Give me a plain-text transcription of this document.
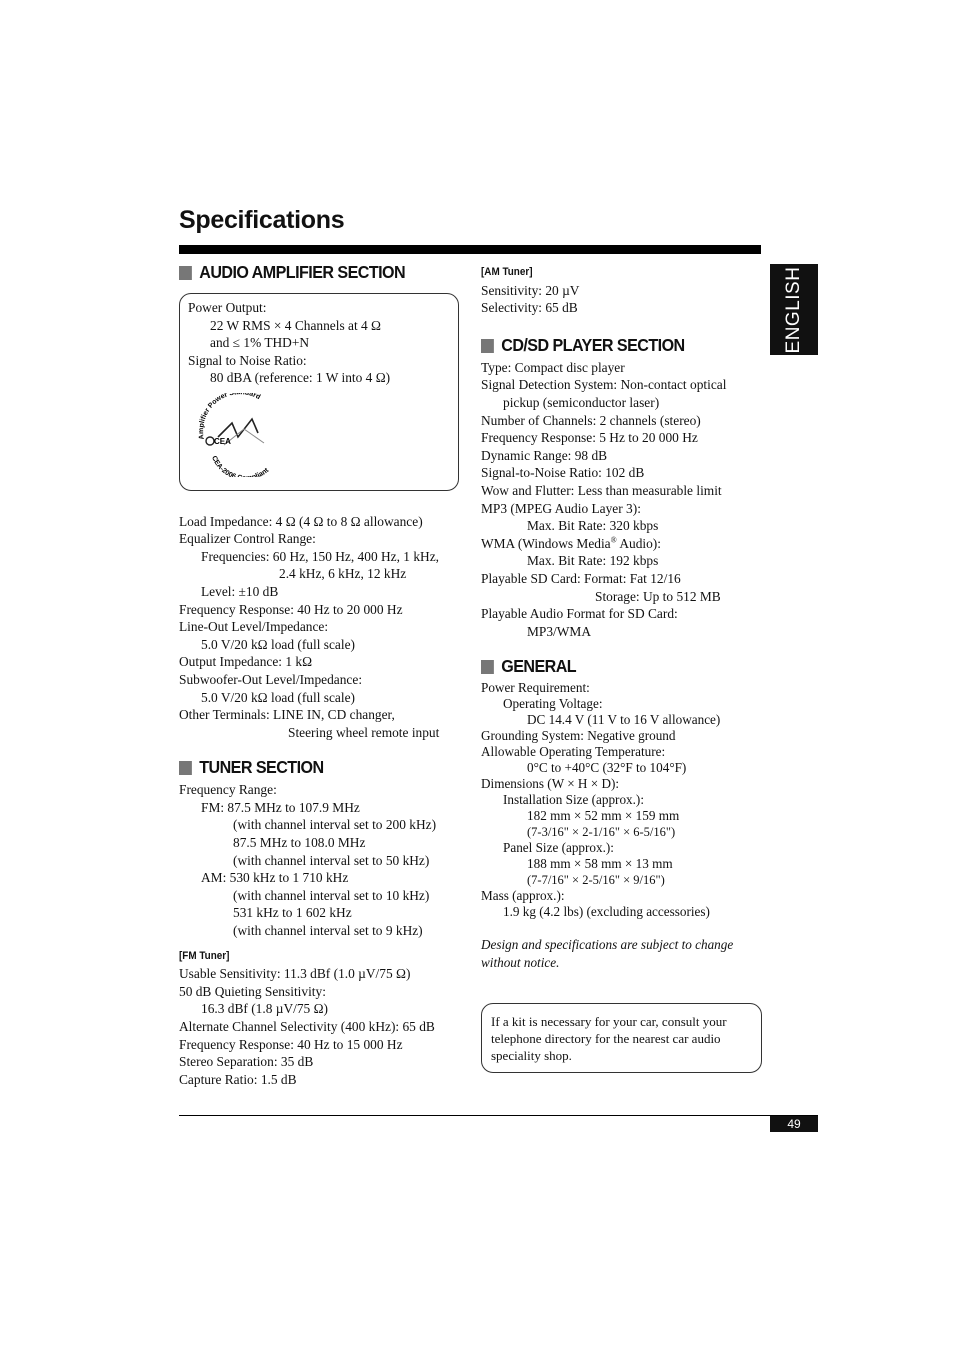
Specifications
ENGLISH
AUDIO AMPLIFIER SECTION
Power Output:
22 W RMS × 4 Channels at 4 Ω
and ≤ 1% THD+N
Signal to Noise Ratio:
80 dBA (reference: 1 W into 4 Ω)
Amplifier Power S dard
CEA-2006 liant
CEA
Load Impedance: 4 Ω (4 Ω to 8 Ω allowance)
Equalizer Control Range:
Frequencies: 60 Hz, 150 Hz, 400 Hz, 1 kHz,
2.4 kHz, 6 kHz, 12 kHz
Level: ±10 dB
Frequency Response: 40 Hz to 20 000 Hz
Line-Out Level/Impedance:
5.0 V/20 kΩ load (full scale)
Output Impedance: 1 kΩ
Subwoofer-Out Level/Impedance:
5.0 V/20 kΩ load (full scale)
Other Terminals: LINE IN, CD changer,
Steering wheel remote input
TUNER SECTION
Frequency Range:
FM: 87.5 MHz to 107.9 MHz
(with channel interval set to 200 kHz)
87.5 MHz to 108.0 MHz
(with channel interval set to 50 kHz)
AM: 530 kHz to 1 710 kHz
(with channel interval set to 10 kHz)
531 kHz to 1 602 kHz
(with channel interval set to 9 kHz)
[FM Tuner]
Usable Sensitivity: 11.3 dBf (1.0 µV/75 Ω)
50 dB Quieting Sensitivity:
16.3 dBf (1.8 µV/75 Ω)
Alternate Channel Selectivity (400 kHz): 65 dB
Frequency Response: 40 Hz to 15 000 Hz
Stereo Separation: 35 dB
Capture Ratio: 1.5 dB
[AM Tuner]
Sensitivity: 20 µV
Selectivity: 65 dB
CD/SD PLAYER SECTION
Type: Compact disc player
Signal Detection System: Non-contact optical
pickup (semiconductor laser)
Number of Channels: 2 channels (stereo)
Frequency Response: 5 Hz to 20 000 Hz
Dynamic Range: 98 dB
Signal-to-Noise Ratio: 102 dB
Wow and Flutter: Less than measurable limit
MP3 (MPEG Audio Layer 3):
Max. Bit Rate: 320 kbps
WMA (Windows Media® Audio):
Max. Bit Rate: 192 kbps
Playable SD Card: Format: Fat 12/16
Storage: Up to 512 MB
Playable Audio Format for SD Card:
MP3/WMA
GENERAL
Power Requirement:
Operating Voltage:
DC 14.4 V (11 V to 16 V allowance)
Grounding System: Negative ground
Allowable Operating Temperature:
0°C to +40°C (32°F to 104°F)
Dimensions (W × H × D):
Installation Size (approx.):
182 mm × 52 mm × 159 mm
(7-3/16" × 2-1/16" × 6-5/16")
Panel Size (approx.):
188 mm × 58 mm × 13 mm
(7-7/16" × 2-5/16" × 9/16")
Mass (approx.):
1.9 kg (4.2 lbs) (excluding accessories)
Design and specifications are subject to change without notice.
If a kit is necessary for your car, consult your telephone directory for the nearest car audio speciality shop.
49
